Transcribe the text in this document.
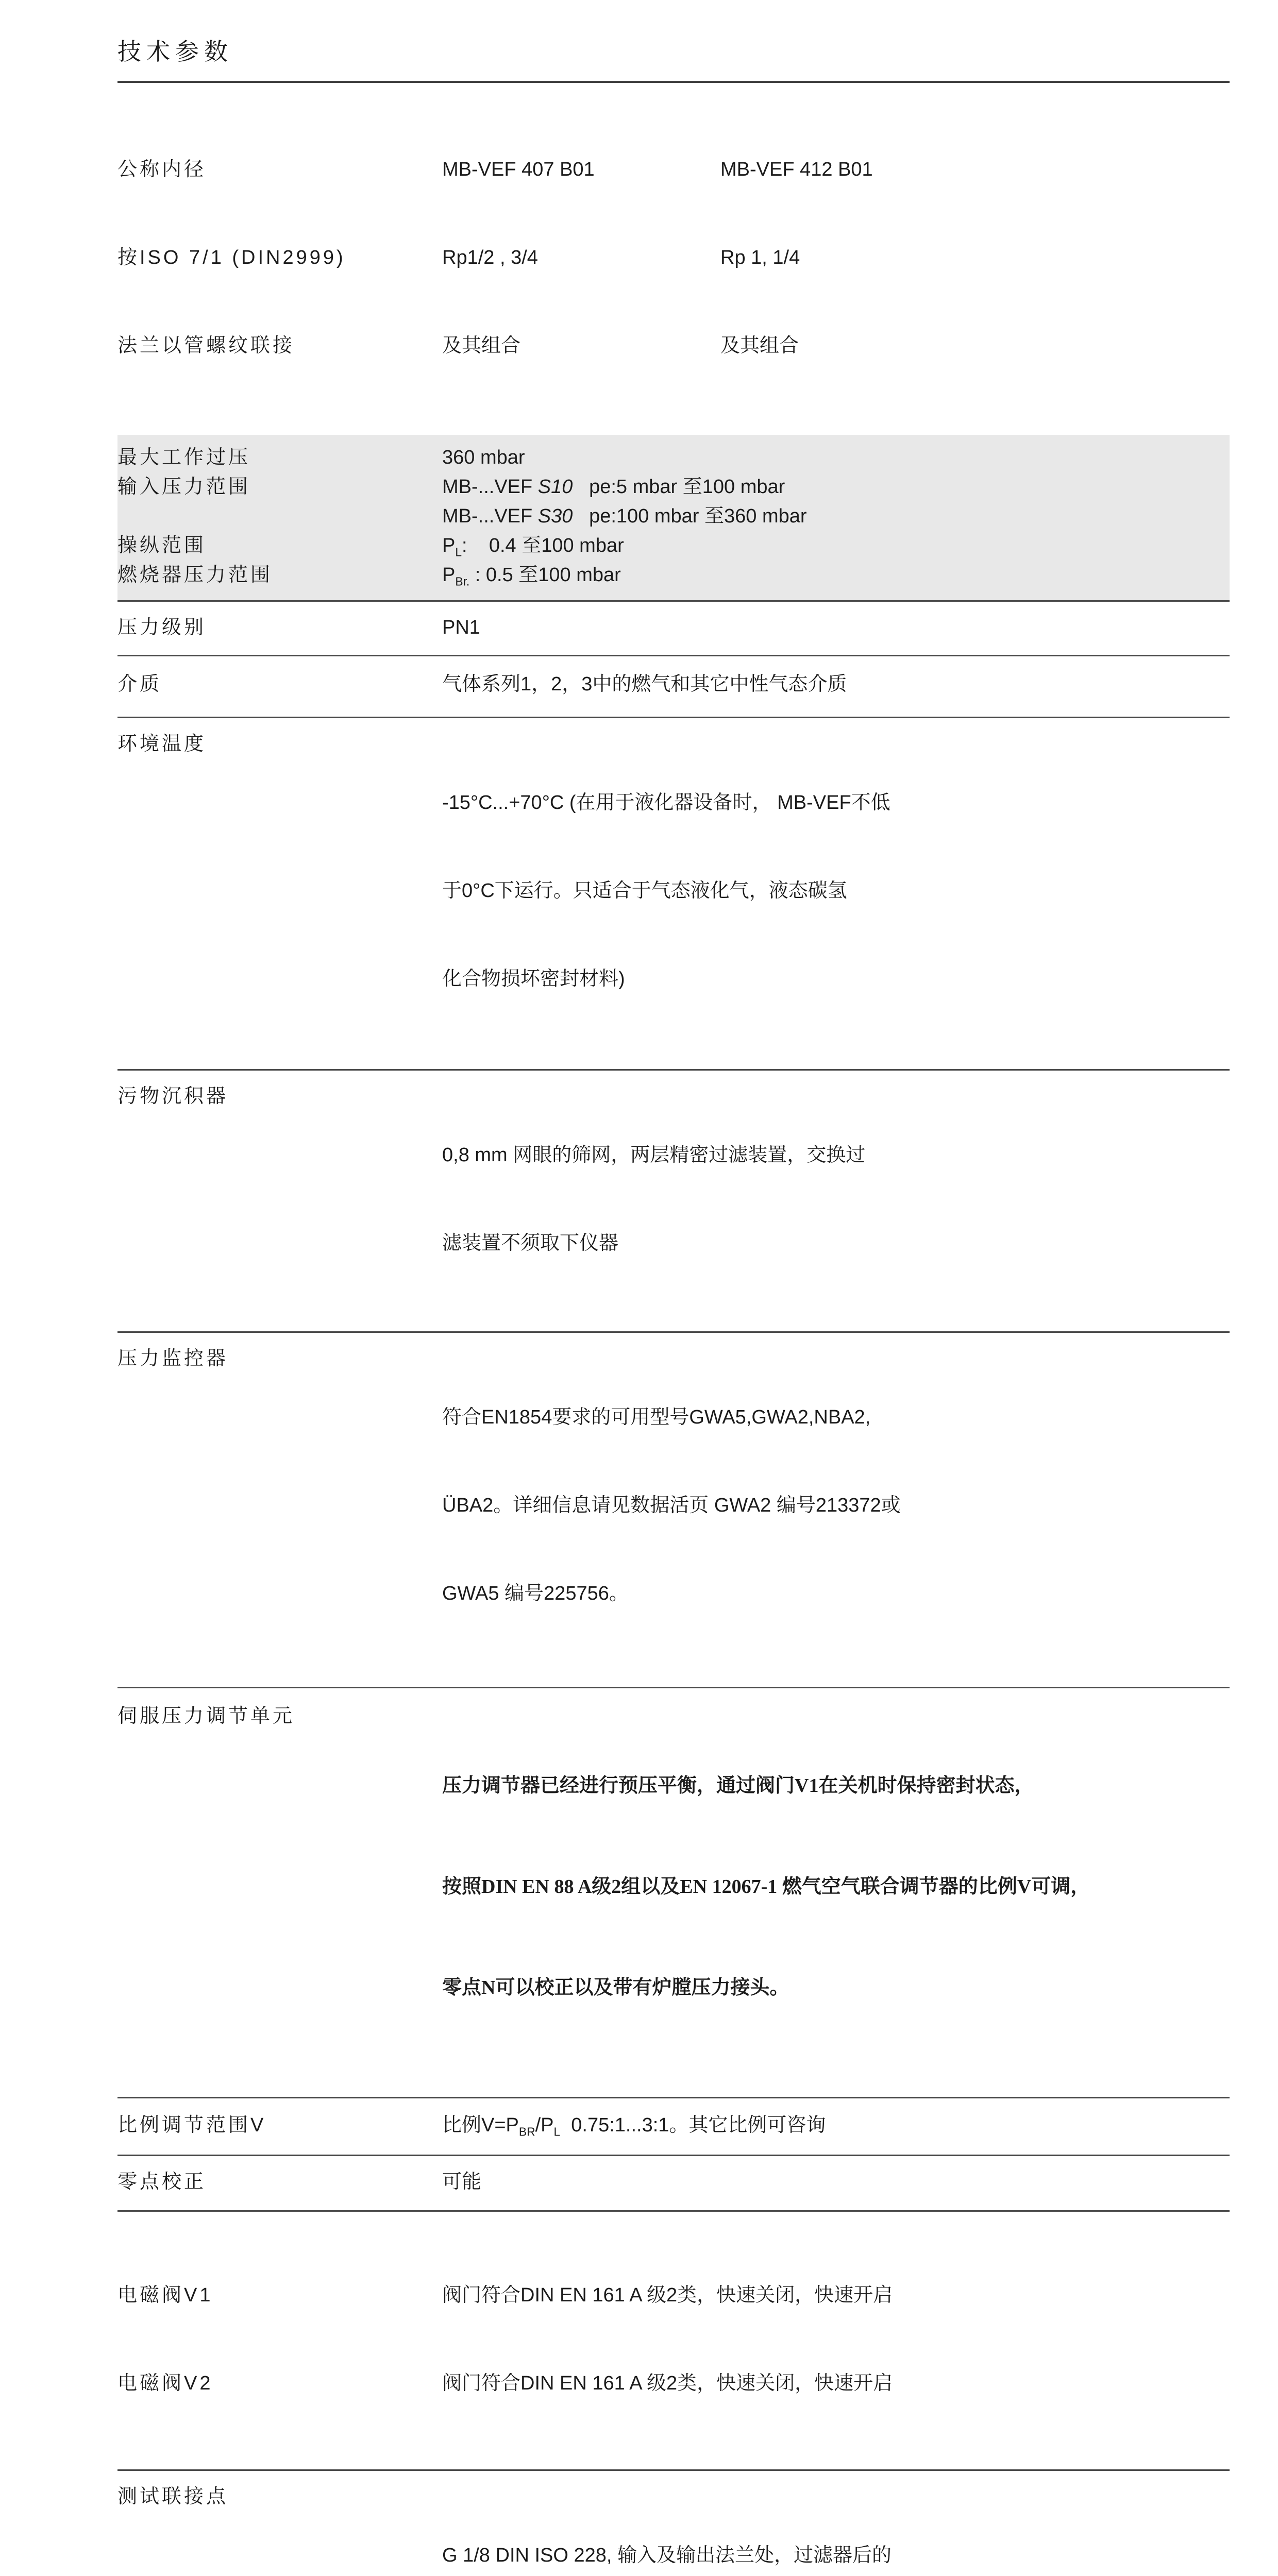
技术参数

公称内径

按ISO 7/1 (DIN2999)

法兰以管螺纹联接

MB-VEF 407 B01

Rp1/2 , 3/4

及其组合

MB-VEF 412 B01

Rp 1, 1/4

及其组合

最大工作过压	360 mbar
输入压力范围	MB-...VEF S10   pe:5 mbar 至100 mbar
MB-...VEF S30   pe:100 mbar 至360 mbar
操纵范围	$P_L$:    0.4 至100 mbar
燃烧器压力范围	$P_{Br.}$ : 0.5 至100 mbar
压力级别	PN1
介质	气体系列1，2，3中的燃气和其它中性气态介质
环境温度

-15°C...+70°C (在用于液化器设备时， MB-VEF不低

于0°C下运行。只适合于气态液化气，液态碳氢

化合物损坏密封材料)

污物沉积器

0,8 mm 网眼的筛网，两层精密过滤装置，交换过

滤装置不须取下仪器

压力监控器

符合EN1854要求的可用型号GWA5,GWA2,NBA2,

ÜBA2。详细信息请见数据活页 GWA2 编号213372或

GWA5 编号225756。

伺服压力调节单元

压力调节器已经进行预压平衡，通过阀门V1在关机时保持密封状态，

按照DIN EN 88 A级2组以及EN 12067-1 燃气空气联合调节器的比例V可调，

零点N可以校正以及带有炉膛压力接头。

比例调节范围V	比例$V=P_{BR}/P_L$  0.75:1...3:1。其它比例可咨询
零点校正	可能

电磁阀V1

电磁阀V2

阀门符合DIN EN 161 A 级2类，快速关闭，快速开启

阀门符合DIN EN 161 A 级2类，快速关闭，快速开启

测试联接点

G 1/8 DIN ISO 228, 输入及输出法兰处，过滤器后的
